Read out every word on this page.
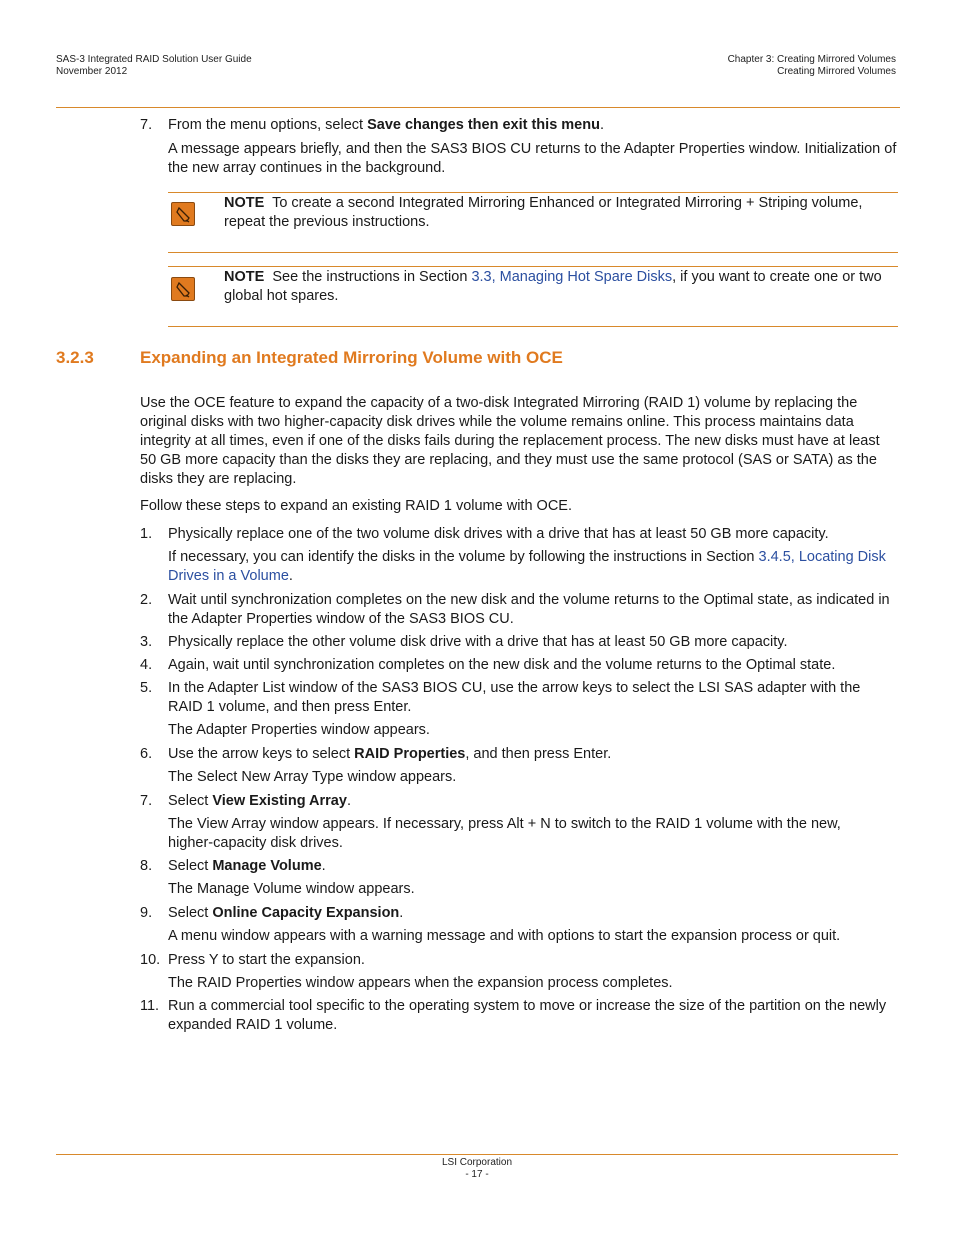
SAS-3 Integrated RAID Solution User Guide
November 2012
Chapter 3: Creating Mirrored Volumes
Creating Mirrored Volumes
7.	From the menu options, select Save changes then exit this menu.
A message appears briefly, and then the SAS3 BIOS CU returns to the Adapter Properties window. Initialization of the new array continues in the background.
NOTE To create a second Integrated Mirroring Enhanced or Integrated Mirroring + Striping volume, repeat the previous instructions.
NOTE See the instructions in Section 3.3, Managing Hot Spare Disks, if you want to create one or two global hot spares.
3.2.3	Expanding an Integrated Mirroring Volume with OCE
Use the OCE feature to expand the capacity of a two-disk Integrated Mirroring (RAID 1) volume by replacing the original disks with two higher-capacity disk drives while the volume remains online. This process maintains data integrity at all times, even if one of the disks fails during the replacement process. The new disks must have at least 50 GB more capacity than the disks they are replacing, and they must use the same protocol (SAS or SATA) as the disks they are replacing.
Follow these steps to expand an existing RAID 1 volume with OCE.
1.	Physically replace one of the two volume disk drives with a drive that has at least 50 GB more capacity.
If necessary, you can identify the disks in the volume by following the instructions in Section 3.4.5, Locating Disk Drives in a Volume.
2.	Wait until synchronization completes on the new disk and the volume returns to the Optimal state, as indicated in the Adapter Properties window of the SAS3 BIOS CU.
3.	Physically replace the other volume disk drive with a drive that has at least 50 GB more capacity.
4.	Again, wait until synchronization completes on the new disk and the volume returns to the Optimal state.
5.	In the Adapter List window of the SAS3 BIOS CU, use the arrow keys to select the LSI SAS adapter with the RAID 1 volume, and then press Enter.
The Adapter Properties window appears.
6.	Use the arrow keys to select RAID Properties, and then press Enter.
The Select New Array Type window appears.
7.	Select View Existing Array.
The View Array window appears. If necessary, press Alt + N to switch to the RAID 1 volume with the new, higher-capacity disk drives.
8.	Select Manage Volume.
The Manage Volume window appears.
9.	Select Online Capacity Expansion.
A menu window appears with a warning message and with options to start the expansion process or quit.
10. Press Y to start the expansion.
The RAID Properties window appears when the expansion process completes.
11. Run a commercial tool specific to the operating system to move or increase the size of the partition on the newly expanded RAID 1 volume.
LSI Corporation
- 17 -
